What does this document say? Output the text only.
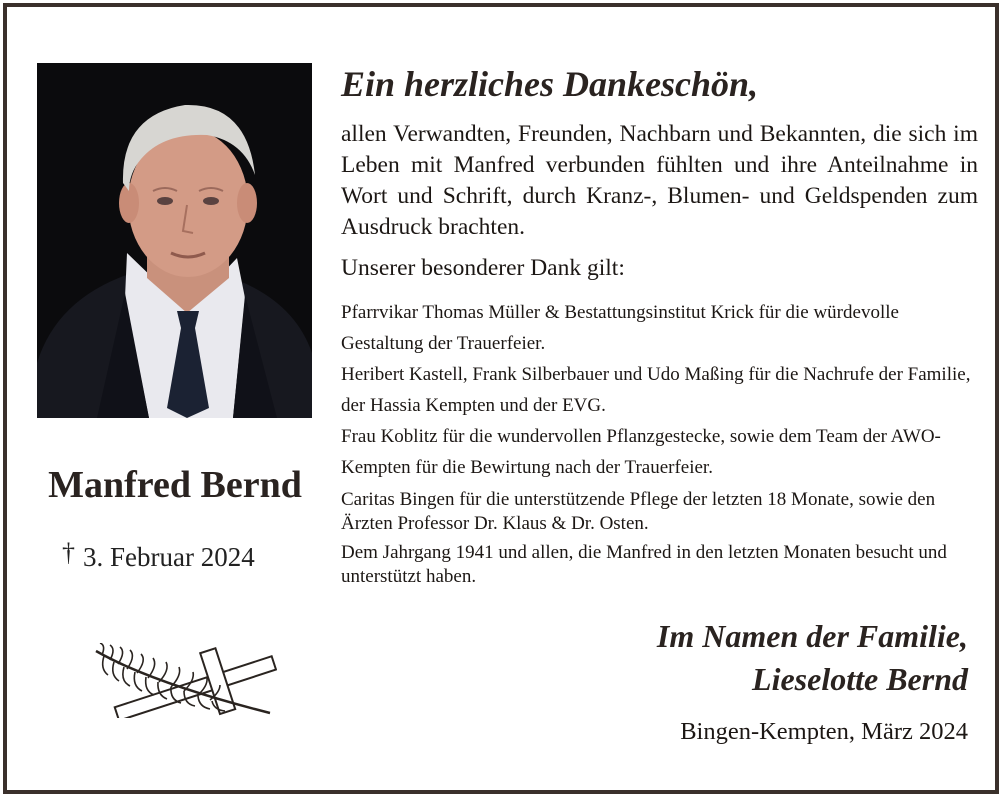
Manfred Bernd
† 3. Februar 2024
Ein herzliches Dankeschön,

allen Verwandten, Freunden, Nachbarn und Bekannten, die sich im Leben mit Manfred verbunden fühlten und ihre Anteilnahme in Wort und Schrift, durch Kranz-, Blumen- und Geldspenden zum Ausdruck brachten.

Unserer besonderer Dank gilt:
Pfarrvikar Thomas Müller & Bestattungsinstitut Krick für die würdevolle Gestaltung der Trauerfeier.
Heribert Kastell, Frank Silberbauer und Udo Maßing für die Nachrufe der Familie, der Hassia Kempten und der EVG.
Frau Koblitz für die wundervollen Pflanzgestecke, sowie dem Team der AWO-Kempten für die Bewirtung nach der Trauerfeier.
Caritas Bingen für die unterstützende Pflege der letzten 18 Monate, sowie den Ärzten Professor Dr. Klaus & Dr. Osten.
Dem Jahrgang 1941 und allen, die Manfred in den letzten Monaten besucht und unterstützt haben.
Im Namen der Familie,
Lieselotte Bernd
Bingen-Kempten, März 2024
